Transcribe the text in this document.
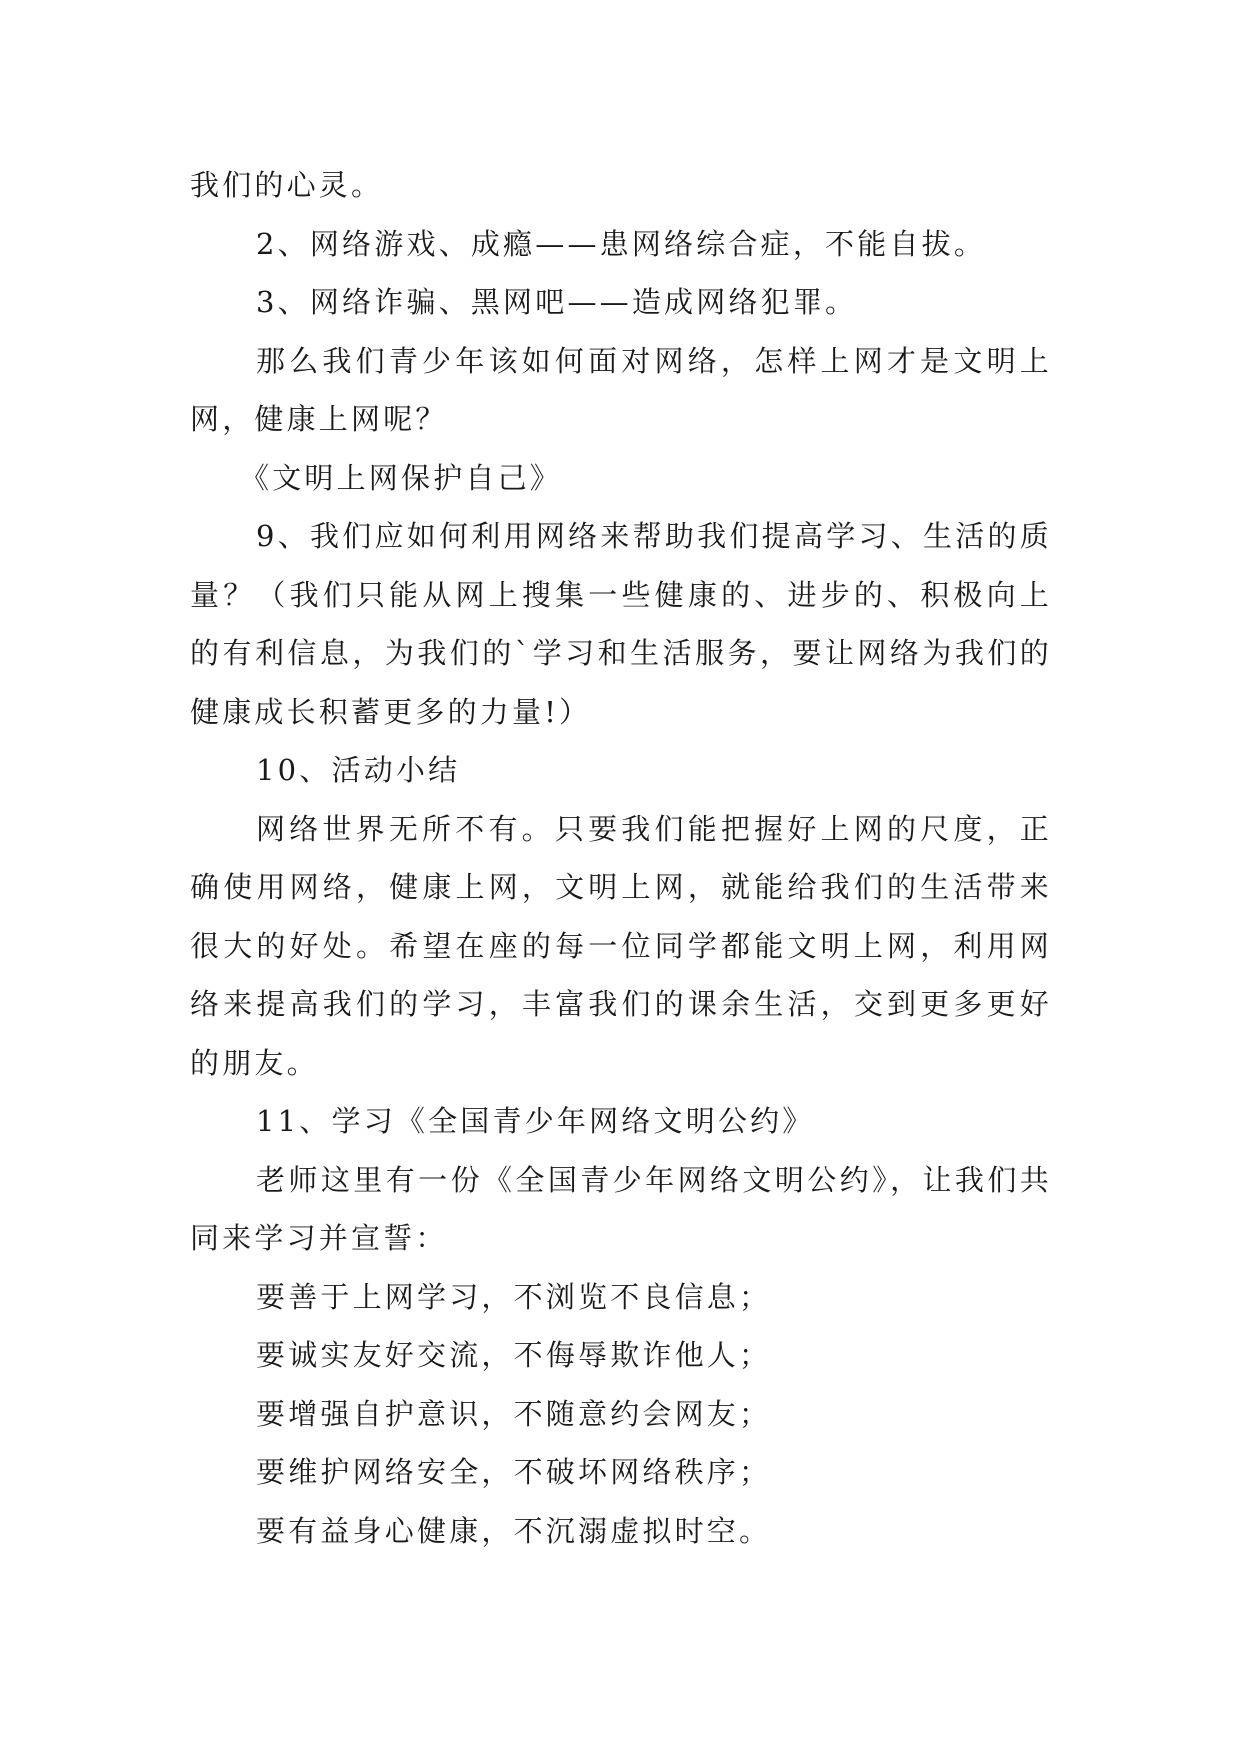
我们的心灵。

2、网络游戏、成瘾——患网络综合症，不能自拔。

3、网络诈骗、黑网吧——造成网络犯罪。

那么我们青少年该如何面对网络，怎样上网才是文明上网，健康上网呢？

《文明上网保护自己》

9、我们应如何利用网络来帮助我们提高学习、生活的质量？（我们只能从网上搜集一些健康的、进步的、积极向上的有利信息，为我们的`学习和生活服务，要让网络为我们的健康成长积蓄更多的力量!）

10、活动小结

网络世界无所不有。只要我们能把握好上网的尺度，正确使用网络，健康上网，文明上网，就能给我们的生活带来很大的好处。希望在座的每一位同学都能文明上网，利用网络来提高我们的学习，丰富我们的课余生活，交到更多更好的朋友。

11、学习《全国青少年网络文明公约》

老师这里有一份《全国青少年网络文明公约》，让我们共同来学习并宣誓：

要善于上网学习，不浏览不良信息；

要诚实友好交流，不侮辱欺诈他人；

要增强自护意识，不随意约会网友；

要维护网络安全，不破坏网络秩序；

要有益身心健康，不沉溺虚拟时空。
